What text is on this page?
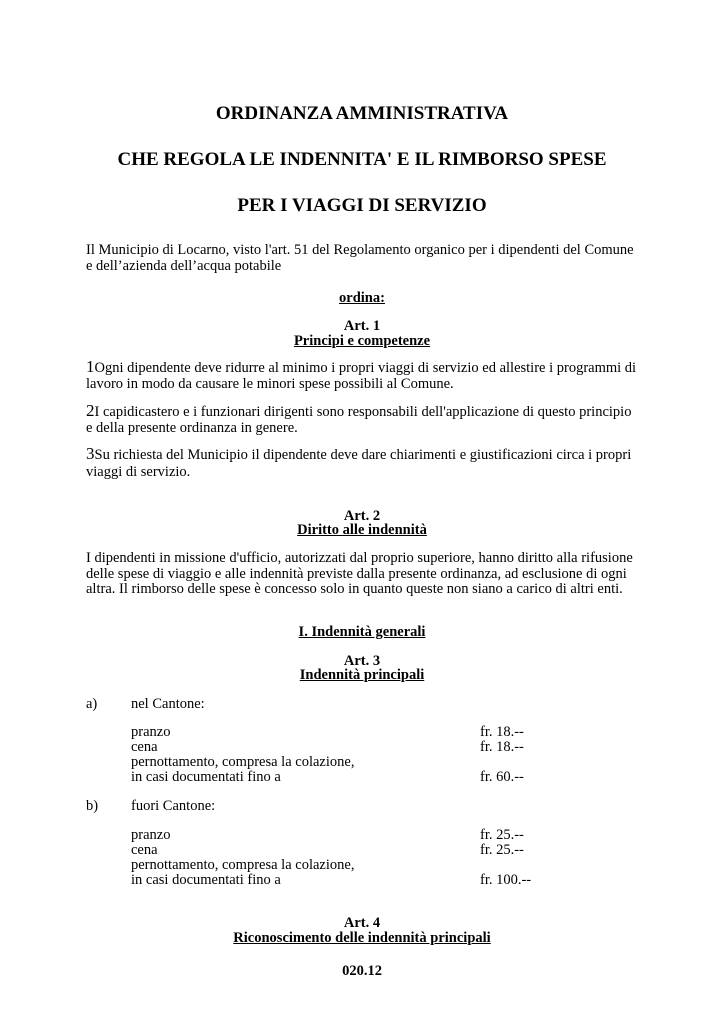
ORDINANZA AMMINISTRATIVA
CHE REGOLA LE INDENNITA' E IL RIMBORSO SPESE
PER I VIAGGI DI SERVIZIO
Il Municipio di Locarno, visto l'art. 51 del Regolamento organico per i dipendenti del Comune
e dell’azienda dell’acqua potabile
ordina:
Art. 1
Principi e competenze
1Ogni dipendente deve ridurre al minimo i propri viaggi di servizio ed allestire i programmi di
lavoro in modo da causare le minori spese possibili al Comune.
2I capidicastero e i funzionari dirigenti sono responsabili dell'applicazione di questo principio
e della presente ordinanza in genere.
3Su richiesta del Municipio il dipendente deve dare chiarimenti e giustificazioni circa i propri
viaggi di servizio.
Art. 2
Diritto alle indennità
I dipendenti in missione d'ufficio, autorizzati dal proprio superiore, hanno diritto alla rifusione
delle spese di viaggio e alle indennità previste dalla presente ordinanza, ad esclusione di ogni
altra. Il rimborso delle spese è concesso solo in quanto queste non siano a carico di altri enti.
I. Indennità generali
Art. 3
Indennità principali
a) nel Cantone:
pranzo	fr. 18.--
cena	fr. 18.--
pernottamento, compresa la colazione,
in casi documentati fino a	fr. 60.--
b) fuori Cantone:
pranzo	fr. 25.--
cena	fr. 25.--
pernottamento, compresa la colazione,
in casi documentati fino a	fr. 100.--
Art. 4
Riconoscimento delle indennità principali
020.12
